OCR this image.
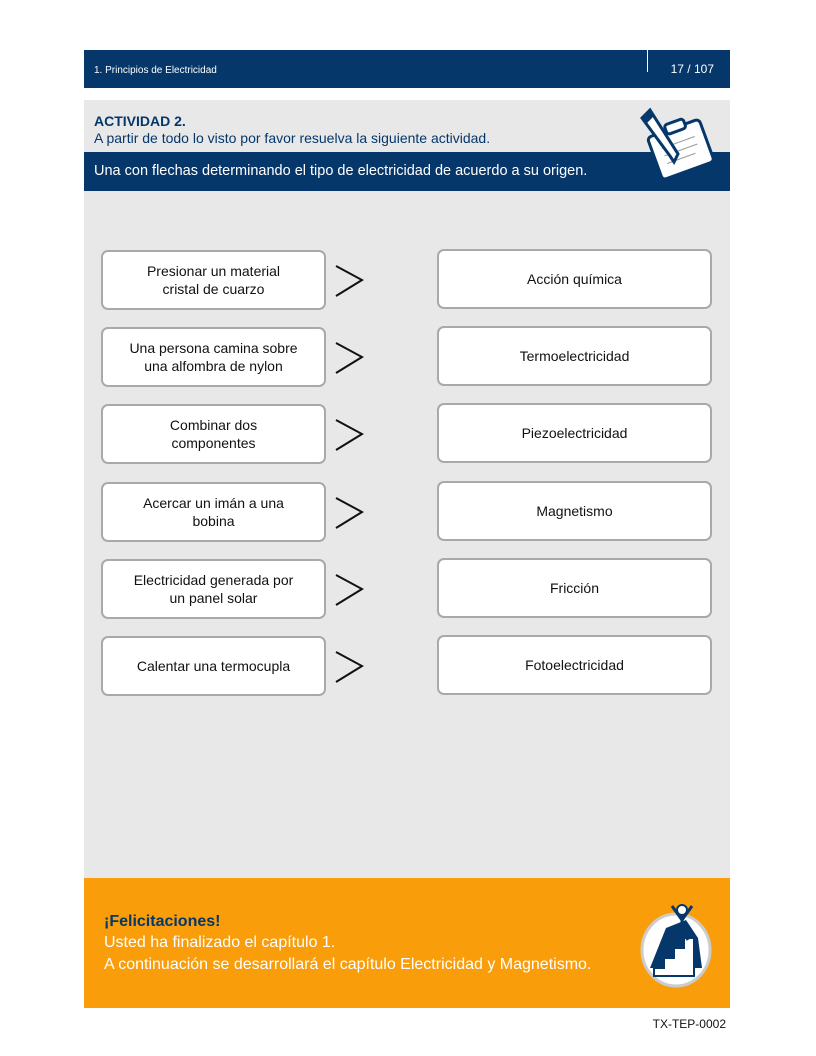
1. Principios de Electricidad	17 / 107
ACTIVIDAD 2.
A partir de todo lo visto por favor resuelva la siguiente actividad.
Una con flechas determinando el tipo de electricidad de acuerdo a su origen.
Presionar un material
cristal de cuarzo
Acción química
Una persona camina sobre
una alfombra de nylon
Termoelectricidad
Combinar dos
componentes
Piezoelectricidad
Acercar un imán a una
bobina
Magnetismo
Electricidad generada por
un panel solar
Fricción
Calentar una termocupla	Fotoelectricidad
¡Felicitaciones!
Usted ha finalizado el capítulo 1.
A continuación se desarrollará el capítulo Electricidad y Magnetismo.
TX-TEP-0002
